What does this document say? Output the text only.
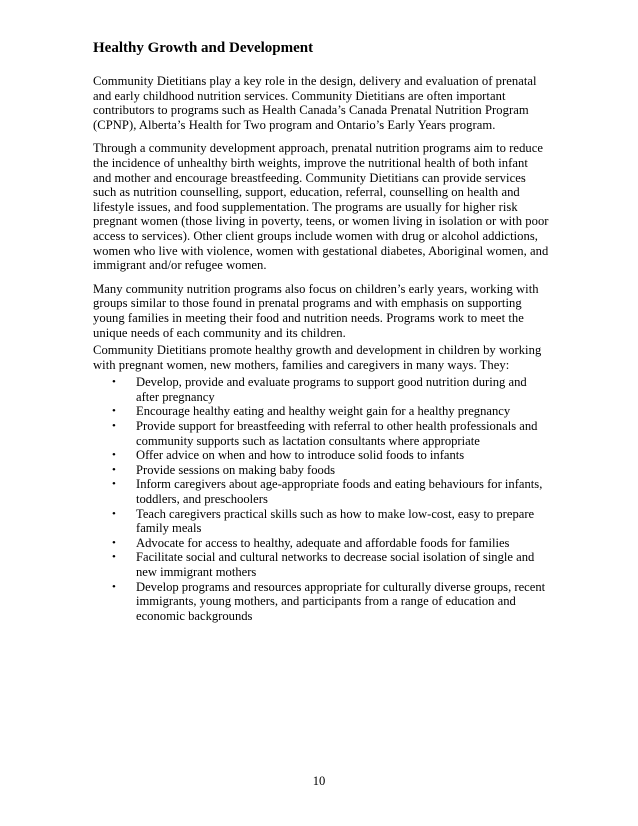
Healthy Growth and Development

Community Dietitians play a key role in the design, delivery and evaluation of prenatal and early childhood nutrition services. Community Dietitians are often important contributors to programs such as Health Canada’s Canada Prenatal Nutrition Program (CPNP), Alberta’s Health for Two program and Ontario’s Early Years program.

Through a community development approach, prenatal nutrition programs aim to reduce the incidence of unhealthy birth weights, improve the nutritional health of both infant and mother and encourage breastfeeding. Community Dietitians can provide services such as nutrition counselling, support, education, referral, counselling on health and lifestyle issues, and food supplementation. The programs are usually for higher risk pregnant women (those living in poverty, teens, or women living in isolation or with poor access to services). Other client groups include women with drug or alcohol addictions, women who live with violence, women with gestational diabetes, Aboriginal women, and immigrant and/or refugee women.

Many community nutrition programs also focus on children’s early years, working with groups similar to those found in prenatal programs and with emphasis on supporting young families in meeting their food and nutrition needs. Programs work to meet the unique needs of each community and its children.

Community Dietitians promote healthy growth and development in children by working with pregnant women, new mothers, families and caregivers in many ways. They:

• Develop, provide and evaluate programs to support good nutrition during and after pregnancy
• Encourage healthy eating and healthy weight gain for a healthy pregnancy
• Provide support for breastfeeding with referral to other health professionals and community supports such as lactation consultants where appropriate
• Offer advice on when and how to introduce solid foods to infants
• Provide sessions on making baby foods
• Inform caregivers about age-appropriate foods and eating behaviours for infants, toddlers, and preschoolers
• Teach caregivers practical skills such as how to make low-cost, easy to prepare family meals
• Advocate for access to healthy, adequate and affordable foods for families
• Facilitate social and cultural networks to decrease social isolation of single and new immigrant mothers
• Develop programs and resources appropriate for culturally diverse groups, recent immigrants, young mothers, and participants from a range of education and economic backgrounds
10
